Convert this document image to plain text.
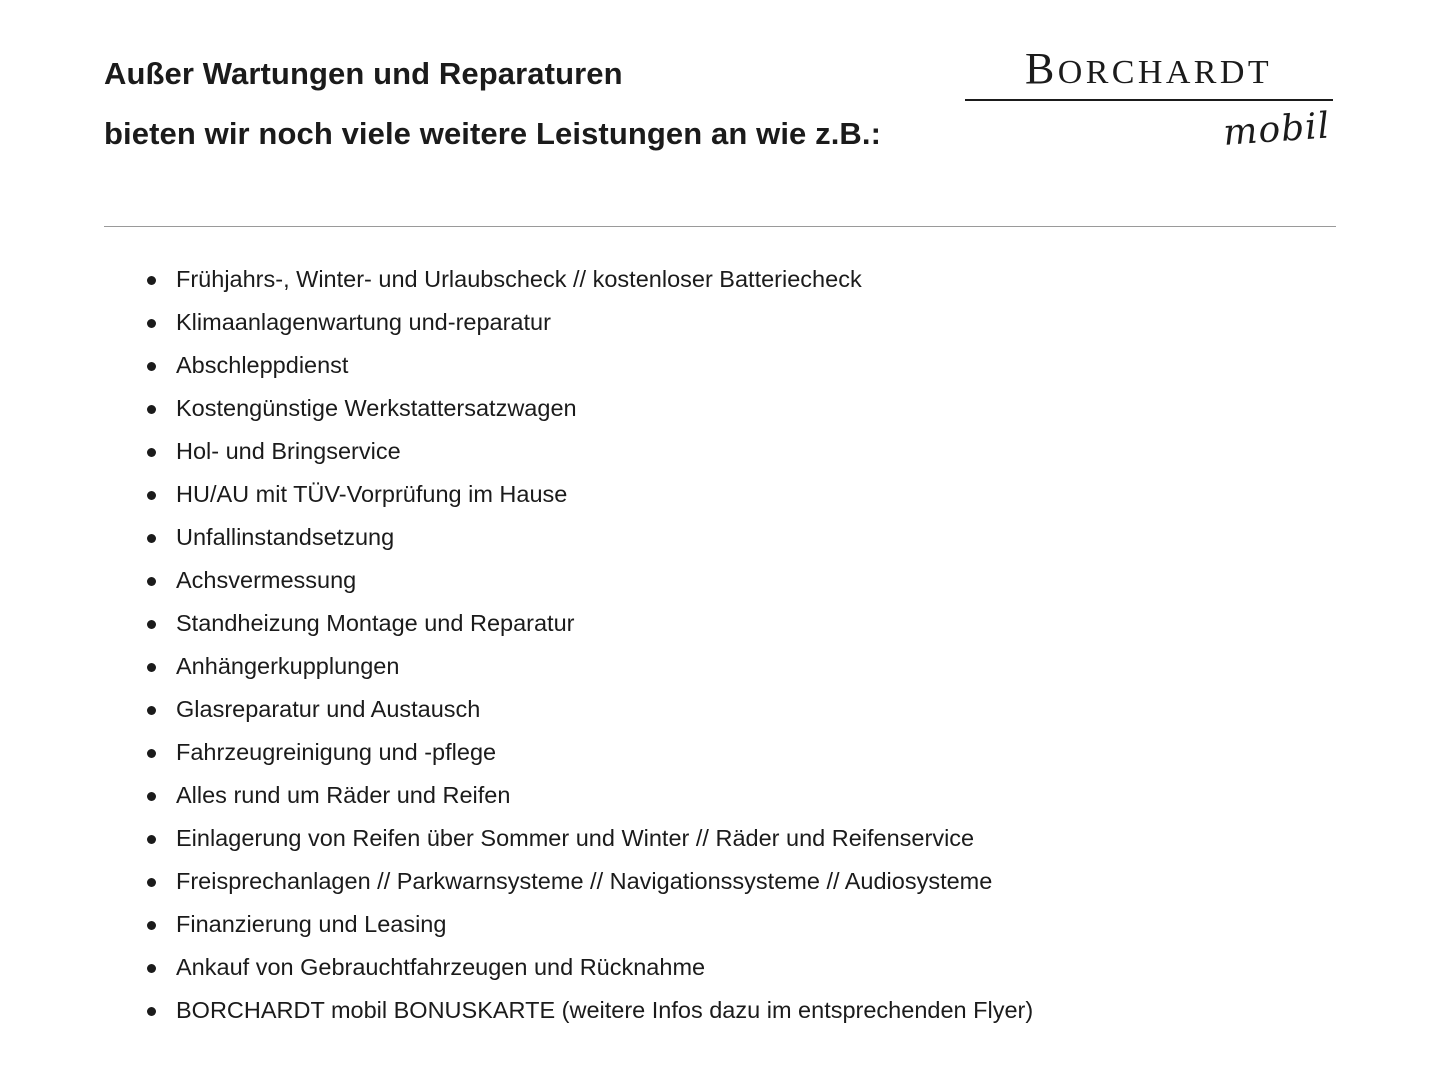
Außer Wartungen und Reparaturen
bieten wir noch viele weitere Leistungen an wie z.B.:
BORCHARDT
mobil
Frühjahrs-, Winter- und Urlaubscheck // kostenloser Batteriecheck
Klimaanlagenwartung und-reparatur
Abschleppdienst
Kostengünstige Werkstattersatzwagen
Hol- und Bringservice
HU/AU mit TÜV-Vorprüfung im Hause
Unfallinstandsetzung
Achsvermessung
Standheizung Montage und Reparatur
Anhängerkupplungen
Glasreparatur und Austausch
Fahrzeugreinigung und -pflege
Alles rund um Räder und Reifen
Einlagerung von Reifen über Sommer und Winter // Räder und Reifenservice
Freisprechanlagen // Parkwarnsysteme // Navigationssysteme // Audiosysteme
Finanzierung und Leasing
Ankauf von Gebrauchtfahrzeugen und Rücknahme
BORCHARDT mobil BONUSKARTE (weitere Infos dazu im entsprechenden Flyer)
